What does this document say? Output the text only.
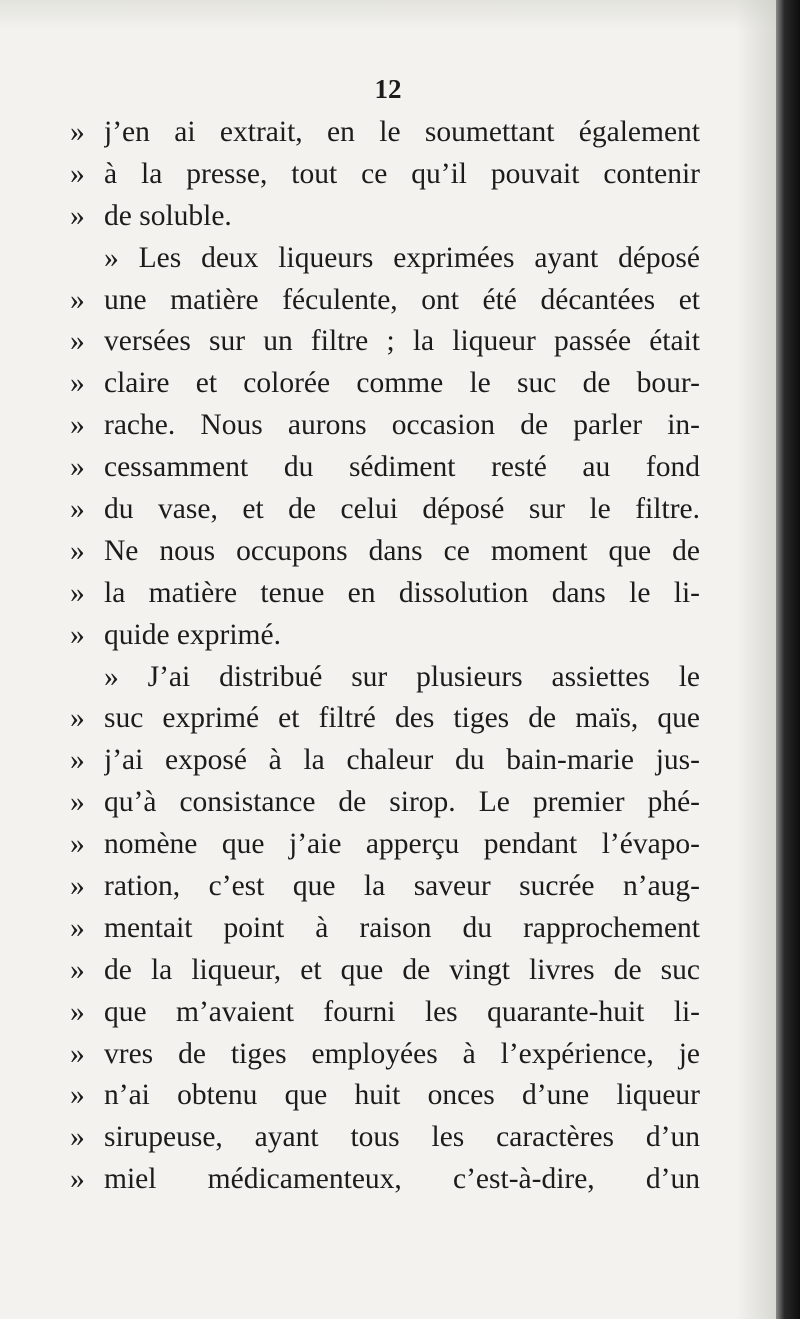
12
» j’en ai extrait, en le soumettant également
» à la presse, tout ce qu’il pouvait contenir
» de soluble.
» Les deux liqueurs exprimées ayant déposé
» une matière féculente, ont été décantées et
» versées sur un filtre ; la liqueur passée était
» claire et colorée comme le suc de bour-
» rache. Nous aurons occasion de parler in-
» cessamment du sédiment resté au fond
» du vase, et de celui déposé sur le filtre.
» Ne nous occupons dans ce moment que de
» la matière tenue en dissolution dans le li-
» quide exprimé.
» J’ai distribué sur plusieurs assiettes le
» suc exprimé et filtré des tiges de maïs, que
» j’ai exposé à la chaleur du bain-marie jus-
» qu’à consistance de sirop. Le premier phé-
» nomène que j’aie apperçu pendant l’évapo-
» ration, c’est que la saveur sucrée n’aug-
» mentait point à raison du rapprochement
» de la liqueur, et que de vingt livres de suc
» que m’avaient fourni les quarante-huit li-
» vres de tiges employées à l’expérience, je
» n’ai obtenu que huit onces d’une liqueur
» sirupeuse, ayant tous les caractères d’un
» miel médicamenteux, c’est-à-dire, d’un
